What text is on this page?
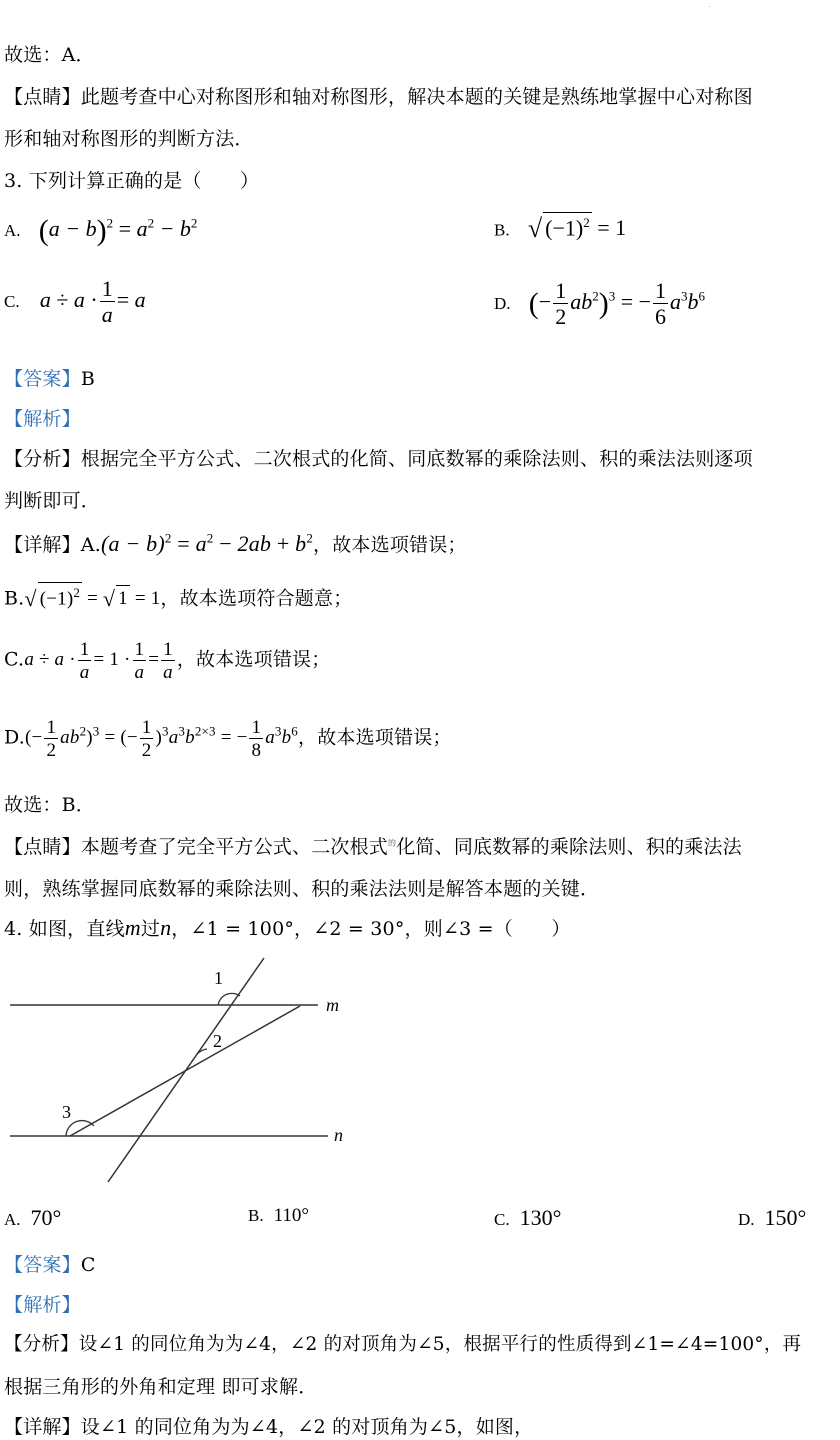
·
故选：A．
【点睛】此题考查中心对称图形和轴对称图形，解决本题的关键是熟练地掌握中心对称图
形和轴对称图形的判断方法．
3. 下列计算正确的是（　　）
A. $(a - b)^2 = a^2 - b^2$	B. √ $(-1)^2 = 1$
C. $a \div a \cdot \frac{1}{a} = a$	D. (− $\frac{1}{2} ab^2)^3$ = − $\frac{1}{6} a^3b^6$
【答案】B
【解析】
【分析】根据完全平方公式、二次根式的化简、同底数幂的乘除法则、积的乘法法则逐项
判断即可．
【详解】$A.(a - b)^2 = a^2 - 2ab + b^2$，故本选项错误；
B.√ $(-1)^2$ = √ 1 = 1，故本选项符合题意；
$C.a \div a \cdot \frac{1}{a} = 1 \cdot \frac{1}{a} = \frac{1}{a}$ ，故本选项错误；
$D.(- \frac{1}{2} ab^2)^3$ = (− $\frac{1}{2} )^3a^3b^{2\times 3}$ = − $\frac{1}{8} a^3b^6$，故本选项错误；
故选：B．
【点睛】本题考查了完全平方公式、二次根式$^的$化简、同底数幂的乘除法则、积的乘法法
则，熟练掌握同底数幂的乘除法则、积的乘法法则是解答本题的关键．
4. 如图，直线m过n，∠1 = 100°，∠2 = 30°，则∠3 =（　　）
1
2
3
m
n
A. 70°	B. 110°	C. 130°	D. 150°
【答案】C
【解析】
【分析】设∠1 的同位角为为∠4，∠2 的对顶角为∠5，根据平行的性质得到∠1=∠4=100°，再
根据三角形的外角和定理 即可求解．
【详解】设∠1 的同位角为为∠4，∠2 的对顶角为∠5，如图，
